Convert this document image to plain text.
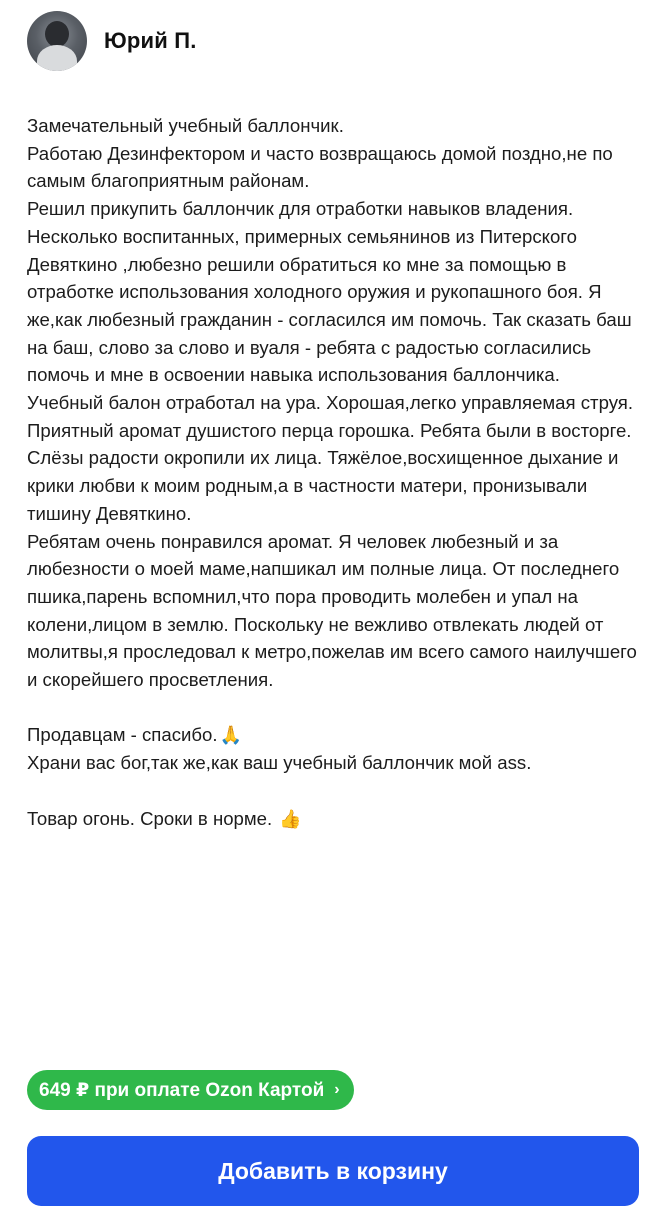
Юрий П.

Замечательный учебный баллончик.

Работаю Дезинфектором и часто возвращаюсь домой поздно,не по самым благоприятным районам.

Решил прикупить баллончик для отработки навыков владения.

Несколько воспитанных, примерных семьянинов из Питерского Девяткино ,любезно решили обратиться ко мне за помощью в отработке использования холодного оружия и рукопашного боя. Я же,как любезный гражданин - согласился им помочь. Так сказать баш на баш, слово за слово и вуаля - ребята с радостью согласились помочь и мне в освоении навыка использования баллончика.

Учебный балон отработал на ура. Хорошая,легко управляемая струя. Приятный аромат душистого перца горошка. Ребята были в восторге. Слёзы радости окропили их лица. Тяжёлое,восхищенное дыхание и крики любви к моим родным,а в частности матери, пронизывали тишину Девяткино.

Ребятам очень понравился аромат. Я человек любезный и за любезности о моей маме,напшикал им полные лица. От последнего пшика,парень вспомнил,что пора проводить молебен и упал на колени,лицом в землю. Поскольку не вежливо отвлекать людей от молитвы,я проследовал к метро,пожелав им всего самого наилучшего и скорейшего просветления.

Продавцам - спасибо. 🙏

Храни вас бог,так же,как ваш учебный баллончик мой ass.

Товар огонь. Сроки в норме. 👍

649 ₽ при оплате Ozon Картой ›
Добавить в корзину
